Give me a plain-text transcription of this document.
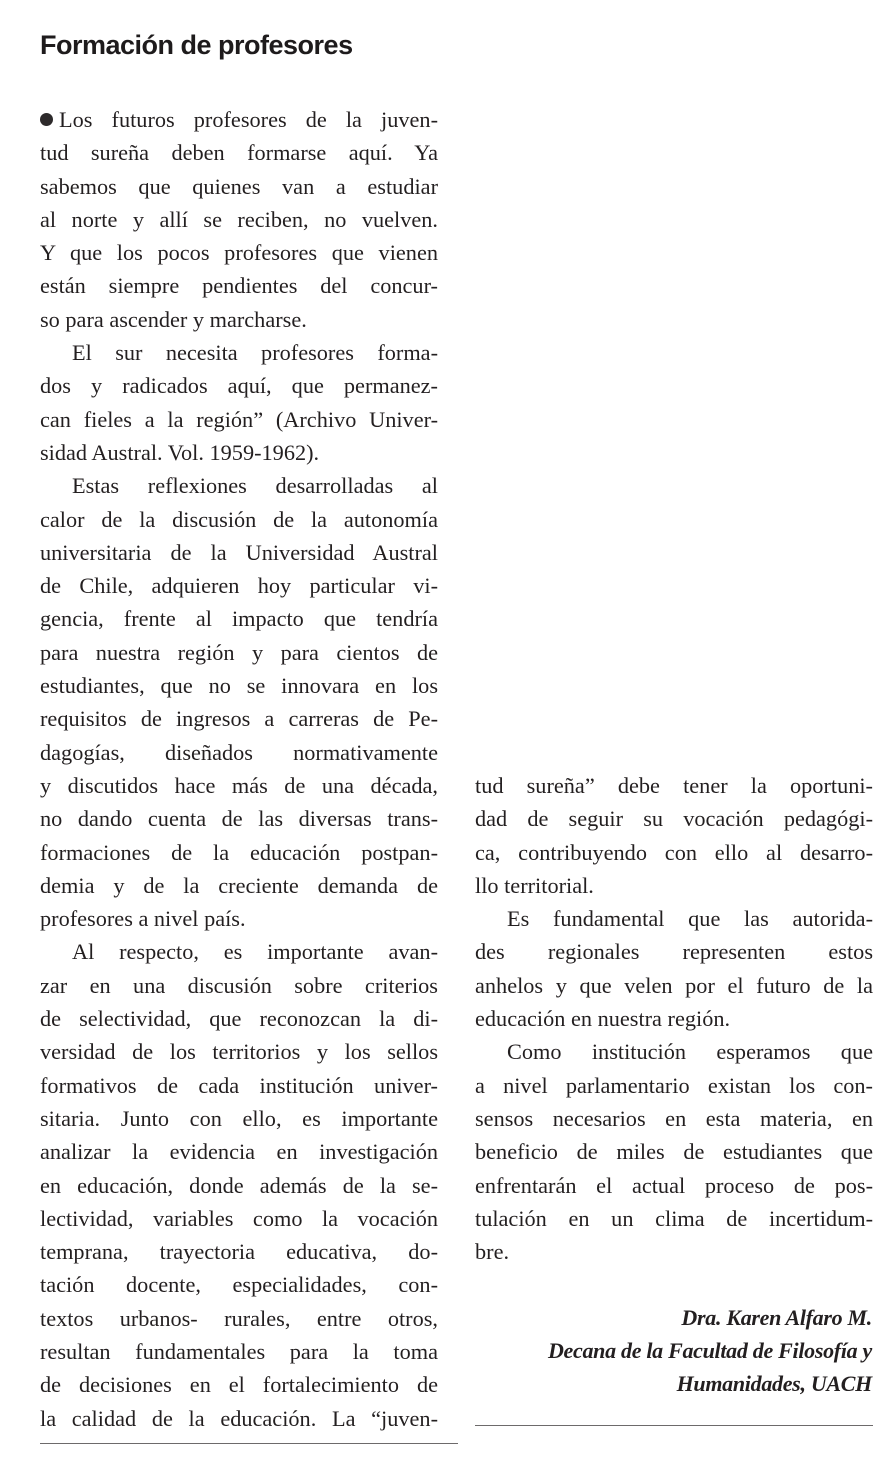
Formación de profesores
Los futuros profesores de la juven-
tud sureña deben formarse aquí. Ya
sabemos que quienes van a estudiar
al norte y allí se reciben, no vuelven.
Y que los pocos profesores que vienen
están siempre pendientes del concur-
so para ascender y marcharse.
El sur necesita profesores forma-
dos y radicados aquí, que permanez-
can fieles a la región” (Archivo Univer-
sidad Austral. Vol. 1959-1962).
Estas reflexiones desarrolladas al
calor de la discusión de la autonomía
universitaria de la Universidad Austral
de Chile, adquieren hoy particular vi-
gencia, frente al impacto que tendría
para nuestra región y para cientos de
estudiantes, que no se innovara en los
requisitos de ingresos a carreras de Pe-
dagogías, diseñados normativamente
y discutidos hace más de una década,
no dando cuenta de las diversas trans-
formaciones de la educación postpan-
demia y de la creciente demanda de
profesores a nivel país.
Al respecto, es importante avan-
zar en una discusión sobre criterios
de selectividad, que reconozcan la di-
versidad de los territorios y los sellos
formativos de cada institución univer-
sitaria. Junto con ello, es importante
analizar la evidencia en investigación
en educación, donde además de la se-
lectividad, variables como la vocación
temprana, trayectoria educativa, do-
tación docente, especialidades, con-
textos urbanos- rurales, entre otros,
resultan fundamentales para la toma
de decisiones en el fortalecimiento de
la calidad de la educación. La “juven-
tud sureña” debe tener la oportuni-
dad de seguir su vocación pedagógi-
ca, contribuyendo con ello al desarro-
llo territorial.
Es fundamental que las autorida-
des regionales representen estos
anhelos y que velen por el futuro de la
educación en nuestra región.
Como institución esperamos que
a nivel parlamentario existan los con-
sensos necesarios en esta materia, en
beneficio de miles de estudiantes que
enfrentarán el actual proceso de pos-
tulación en un clima de incertidum-
bre.
Dra. Karen Alfaro M.
Decana de la Facultad de Filosofía y
Humanidades, UACH
